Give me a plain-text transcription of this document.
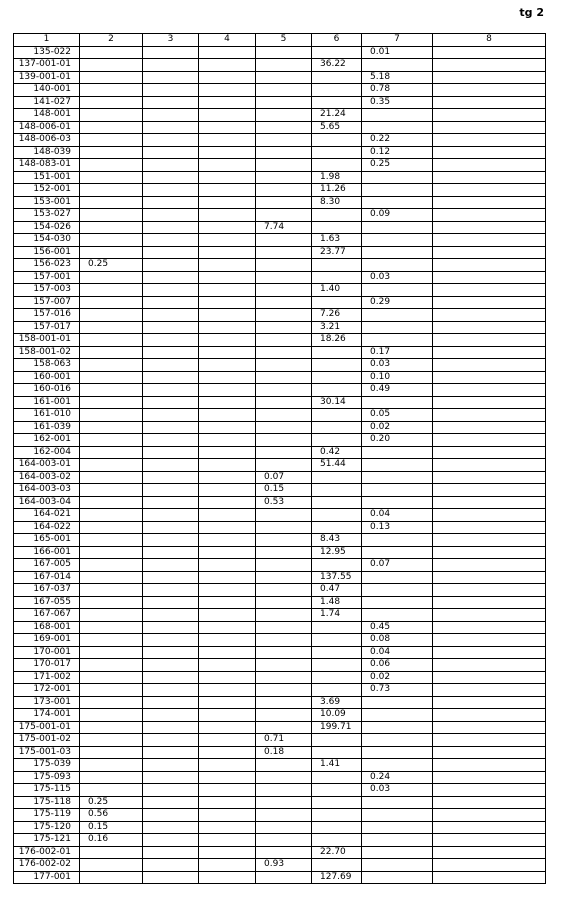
tg 2
1	2	3	4	5	6	7	8
135-022						0.01	
137-001-01					36.22		
139-001-01						5.18	
140-001						0.78	
141-027						0.35	
148-001					21.24		
148-006-01					5.65		
148-006-03						0.22	
148-039						0.12	
148-083-01						0.25	
151-001					1.98		
152-001					11.26		
153-001					8.30		
153-027						0.09	
154-026				7.74			
154-030					1.63		
156-001					23.77		
156-023	0.25						
157-001						0.03	
157-003					1.40		
157-007						0.29	
157-016					7.26		
157-017					3.21		
158-001-01					18.26		
158-001-02						0.17	
158-063						0.03	
160-001						0.10	
160-016						0.49	
161-001					30.14		
161-010						0.05	
161-039						0.02	
162-001						0.20	
162-004					0.42		
164-003-01					51.44		
164-003-02				0.07			
164-003-03				0.15			
164-003-04				0.53			
164-021						0.04	
164-022						0.13	
165-001					8.43		
166-001					12.95		
167-005						0.07	
167-014					137.55		
167-037					0.47		
167-055					1.48		
167-067					1.74		
168-001						0.45	
169-001						0.08	
170-001						0.04	
170-017						0.06	
171-002						0.02	
172-001						0.73	
173-001					3.69		
174-001					10.09		
175-001-01					199.71		
175-001-02				0.71			
175-001-03				0.18			
175-039					1.41		
175-093						0.24	
175-115						0.03	
175-118	0.25						
175-119	0.56						
175-120	0.15						
175-121	0.16						
176-002-01					22.70		
176-002-02				0.93			
177-001					127.69		
